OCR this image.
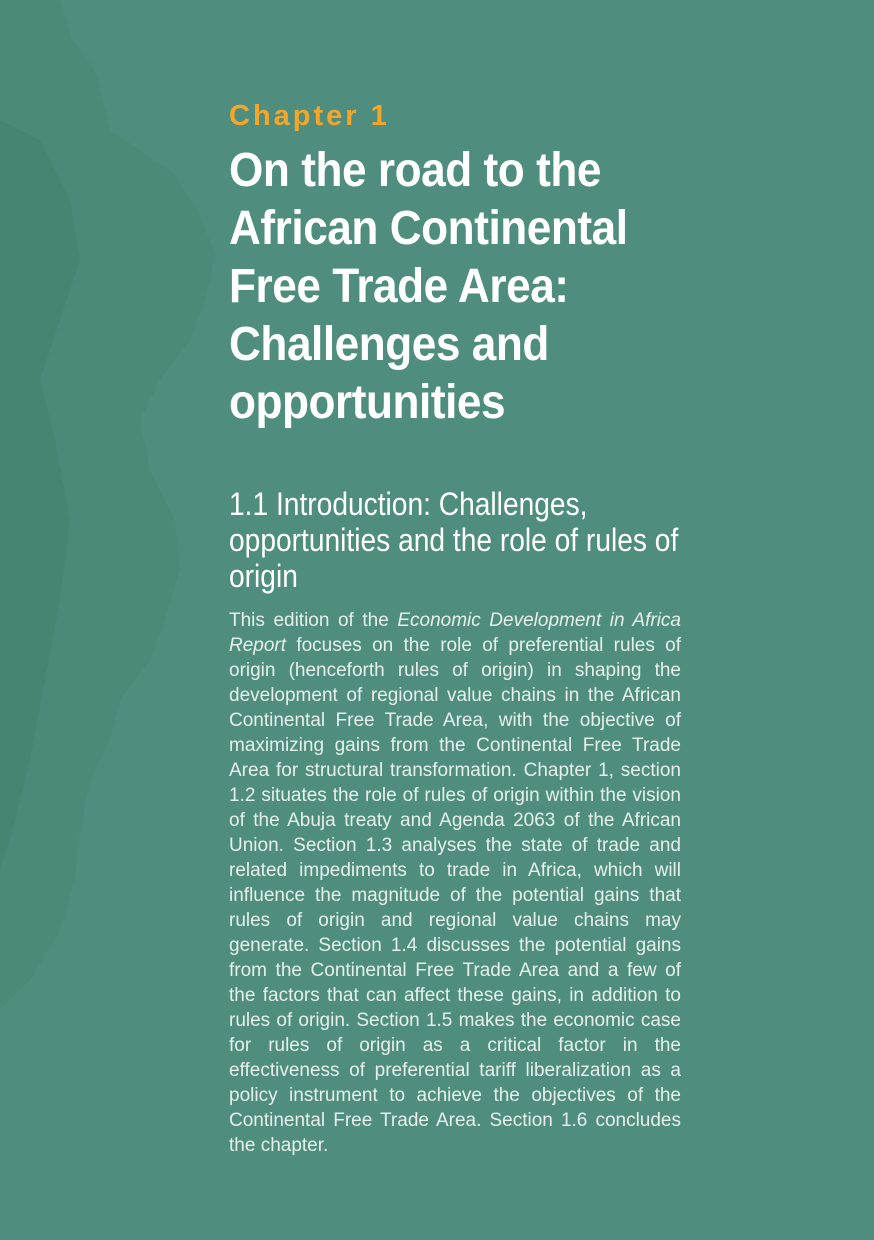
Chapter 1

On the road to the African Continental Free Trade Area: Challenges and opportunities
1.1 Introduction: Challenges, opportunities and the role of rules of origin

This edition of the Economic Development in Africa Report focuses on the role of preferential rules of origin (henceforth rules of origin) in shaping the development of regional value chains in the African Continental Free Trade Area, with the objective of maximizing gains from the Continental Free Trade Area for structural transformation. Chapter 1, section 1.2 situates the role of rules of origin within the vision of the Abuja treaty and Agenda 2063 of the African Union. Section 1.3 analyses the state of trade and related impediments to trade in Africa, which will influence the magnitude of the potential gains that rules of origin and regional value chains may generate. Section 1.4 discusses the potential gains from the Continental Free Trade Area and a few of the factors that can affect these gains, in addition to rules of origin. Section 1.5 makes the economic case for rules of origin as a critical factor in the effectiveness of preferential tariff liberalization as a policy instrument to achieve the objectives of the Continental Free Trade Area. Section 1.6 concludes the chapter.
